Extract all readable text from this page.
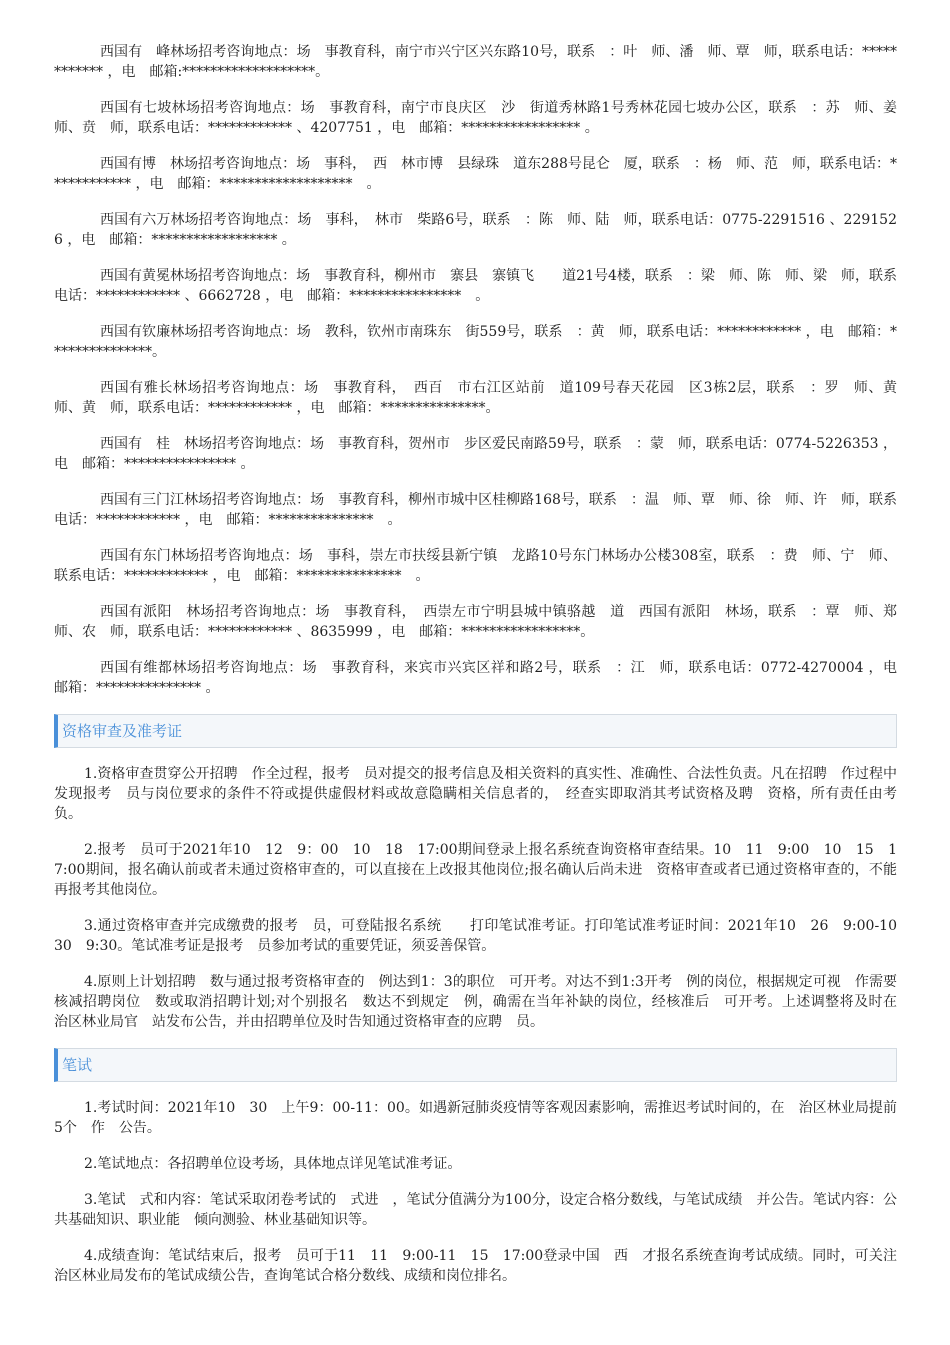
西国有　峰林场招考咨询地点：场　事教育科，南宁市兴宁区兴东路10号，联系　：叶　师、潘　师、覃　师，联系电话：************ ，电　邮箱:*******************。

西国有七坡林场招考咨询地点：场　事教育科，南宁市良庆区　沙　街道秀林路1号秀林花园七坡办公区，联系　：苏　师、姜　师、贲　师，联系电话：************ 、4207751 ，电　邮箱：***************** 。

西国有博　林场招考咨询地点：场　事科，　西　林市博　县绿珠　道东288号昆仑　厦，联系　：杨　师、范　师，联系电话：************ ，电　邮箱：*******************　。

西国有六万林场招考咨询地点：场　事科，　林市　柴路6号，联系　：陈　师、陆　师，联系电话：0775-2291516 、2291526 ，电　邮箱：****************** 。

西国有黄冕林场招考咨询地点：场　事教育科，柳州市　寨县　寨镇飞　　道21号4楼，联系　：梁　师、陈　师、梁　师，联系电话：************ 、6662728 ，电　邮箱：****************　。

西国有钦廉林场招考咨询地点：场　教科，钦州市南珠东　街559号，联系　：黄　师，联系电话：************ ，电　邮箱：***************。

西国有雅长林场招考咨询地点：场　事教育科，　西百　市右江区站前　道109号春天花园　区3栋2层，联系　：罗　师、黄　师、黄　师，联系电话：************ ，电　邮箱：***************。

西国有　桂　林场招考咨询地点：场　事教育科，贺州市　步区爱民南路59号，联系　：蒙　师，联系电话：0774-5226353 ，电　邮箱：**************** 。

西国有三门江林场招考咨询地点：场　事教育科，柳州市城中区桂柳路168号，联系　：温　师、覃　师、徐　师、许　师，联系电话：************ ，电　邮箱：***************　。

西国有东门林场招考咨询地点：场　事科，崇左市扶绥县新宁镇　龙路10号东门林场办公楼308室，联系　：费　师、宁　师、联系电话：************ ，电　邮箱：***************　。

西国有派阳　林场招考咨询地点：场　事教育科，　西崇左市宁明县城中镇骆越　道　西国有派阳　林场，联系　：覃　师、郑　师、农　师，联系电话：************ 、8635999 ，电　邮箱：*****************。

西国有维都林场招考咨询地点：场　事教育科，来宾市兴宾区祥和路2号，联系　：江　师，联系电话：0772-4270004 ，电　邮箱：*************** 。

资格审查及准考证

1.资格审查贯穿公开招聘　作全过程，报考　员对提交的报考信息及相关资料的真实性、准确性、合法性负责。凡在招聘　作过程中发现报考　员与岗位要求的条件不符或提供虚假材料或故意隐瞒相关信息者的，　经查实即取消其考试资格及聘　资格，所有责任由考　　负。

2.报考　员可于2021年10　12　9：00　10　18　17:00期间登录上报名系统查询资格审查结果。10　11　9:00　10　15　17:00期间，报名确认前或者未通过资格审查的，可以直接在上改报其他岗位;报名确认后尚未进　资格审查或者已通过资格审查的，不能再报考其他岗位。

3.通过资格审查并完成缴费的报考　员，可登陆报名系统　　打印笔试准考证。打印笔试准考证时间：2021年10　26　9:00-10　30　9:30。笔试准考证是报考　员参加考试的重要凭证，须妥善保管。

4.原则上计划招聘　数与通过报考资格审查的　例达到1：3的职位　可开考。对达不到1:3开考　例的岗位，根据规定可视　作需要核减招聘岗位　数或取消招聘计划;对个别报名　数达不到规定　例，确需在当年补缺的岗位，经核准后　可开考。上述调整将及时在　治区林业局官　站发布公告，并由招聘单位及时告知通过资格审查的应聘　员。

笔试

1.考试时间：2021年10　30　上午9：00-11：00。如遇新冠肺炎疫情等客观因素影响，需推迟考试时间的，在　治区林业局提前5个　作　公告。

2.笔试地点：各招聘单位设考场，具体地点详见笔试准考证。

3.笔试　式和内容：笔试采取闭卷考试的　式进　，笔试分值满分为100分，设定合格分数线，与笔试成绩　并公告。笔试内容：公共基础知识、职业能　倾向测验、林业基础知识等。

4.成绩查询：笔试结束后，报考　员可于11　11　9:00-11　15　17:00登录中国　西　才报名系统查询考试成绩。同时，可关注　治区林业局发布的笔试成绩公告，查询笔试合格分数线、成绩和岗位排名。
